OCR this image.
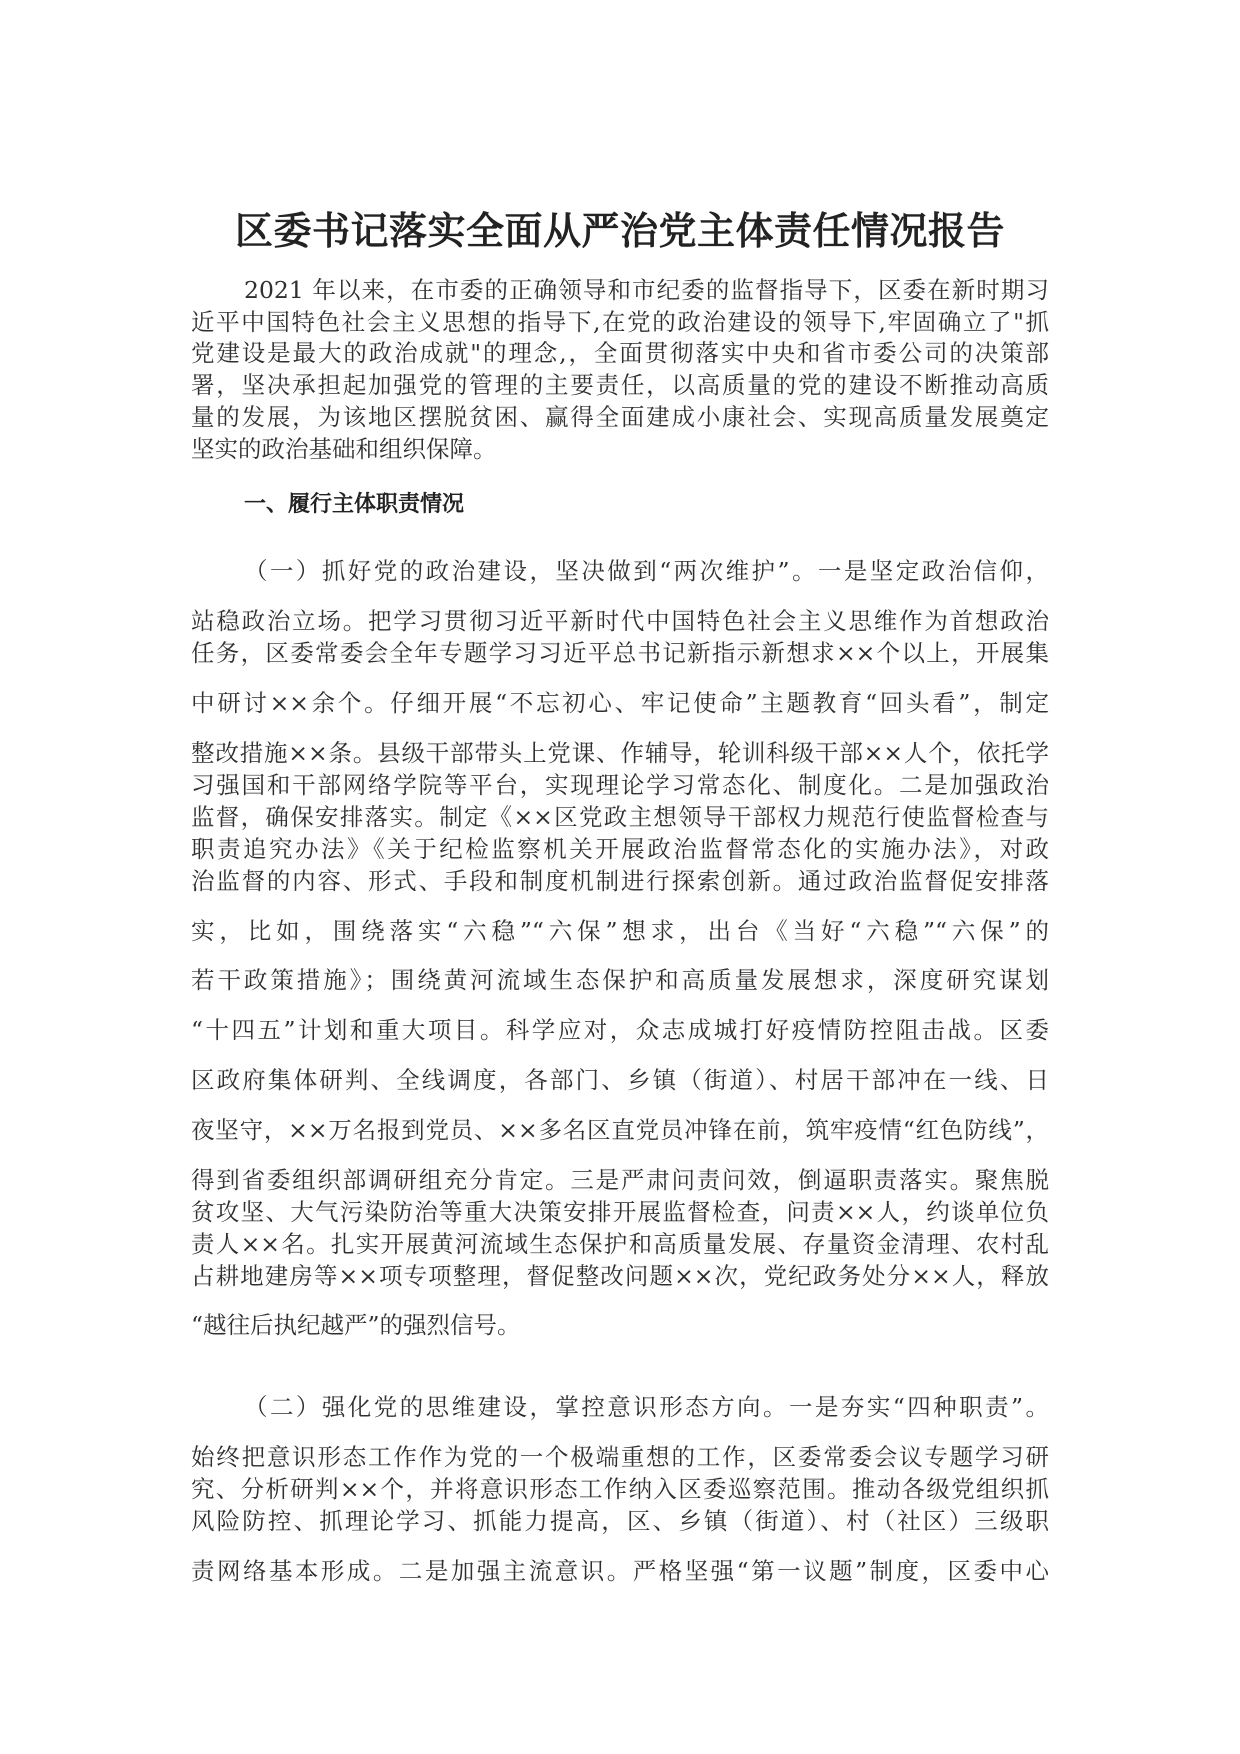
区委书记落实全面从严治党主体责任情况报告
2021 年以来，在市委的正确领导和市纪委的监督指导下，区委在新时期习
近平中国特色社会主义思想的指导下,在党的政治建设的领导下,牢固确立了"抓
党建设是最大的政治成就"的理念,，全面贯彻落实中央和省市委公司的决策部
署，坚决承担起加强党的管理的主要责任，以高质量的党的建设不断推动高质
量的发展，为该地区摆脱贫困、赢得全面建成小康社会、实现高质量发展奠定
坚实的政治基础和组织保障。
一、履行主体职责情况
（一）抓好党的政治建设，坚决做到“两次维护”。一是坚定政治信仰，
站稳政治立场。把学习贯彻习近平新时代中国特色社会主义思维作为首想政治
任务，区委常委会全年专题学习习近平总书记新指示新想求××个以上，开展集
中研讨××余个。仔细开展“不忘初心、牢记使命”主题教育“回头看”，制定
整改措施××条。县级干部带头上党课、作辅导，轮训科级干部××人个，依托学
习强国和干部网络学院等平台，实现理论学习常态化、制度化。二是加强政治
监督，确保安排落实。制定《××区党政主想领导干部权力规范行使监督检查与
职责追究办法》《关于纪检监察机关开展政治监督常态化的实施办法》，对政
治监督的内容、形式、手段和制度机制进行探索创新。通过政治监督促安排落
实，比如，围绕落实“六稳”“六保”想求，出台《当好“六稳”“六保”的
若干政策措施》；围绕黄河流域生态保护和高质量发展想求，深度研究谋划
“十四五”计划和重大项目。科学应对，众志成城打好疫情防控阻击战。区委
区政府集体研判、全线调度，各部门、乡镇（街道）、村居干部冲在一线、日
夜坚守，××万名报到党员、××多名区直党员冲锋在前，筑牢疫情“红色防线”，
得到省委组织部调研组充分肯定。三是严肃问责问效，倒逼职责落实。聚焦脱
贫攻坚、大气污染防治等重大决策安排开展监督检查，问责××人，约谈单位负
责人××名。扎实开展黄河流域生态保护和高质量发展、存量资金清理、农村乱
占耕地建房等××项专项整理，督促整改问题××次，党纪政务处分××人，释放
“越往后执纪越严”的强烈信号。
（二）强化党的思维建设，掌控意识形态方向。一是夯实“四种职责”。
始终把意识形态工作作为党的一个极端重想的工作，区委常委会议专题学习研
究、分析研判××个，并将意识形态工作纳入区委巡察范围。推动各级党组织抓
风险防控、抓理论学习、抓能力提高，区、乡镇（街道）、村（社区）三级职
责网络基本形成。二是加强主流意识。严格坚强“第一议题”制度，区委中心
